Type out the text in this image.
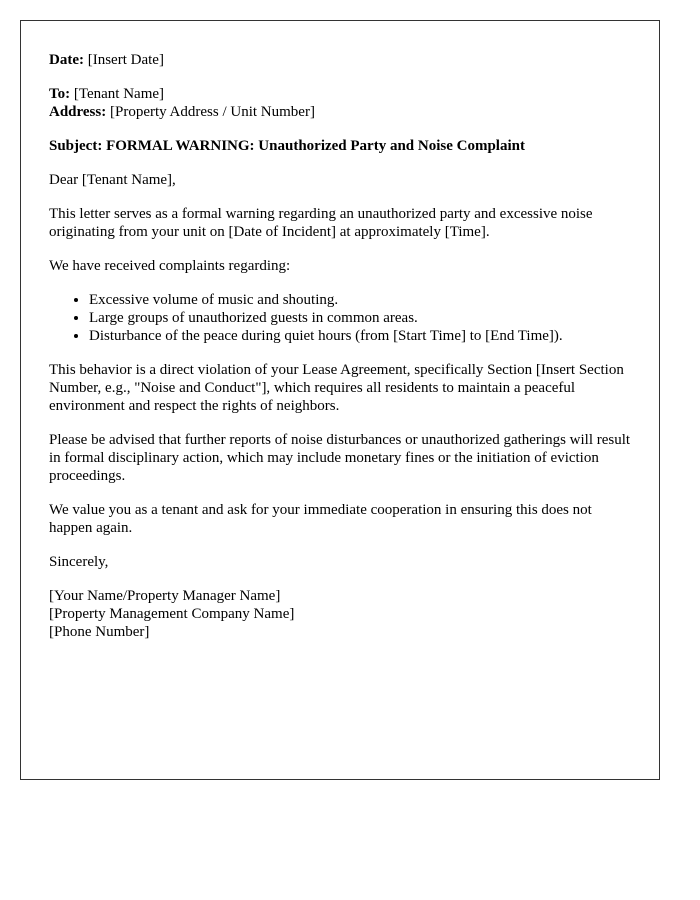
Date: [Insert Date]

To: [Tenant Name]

Address: [Property Address / Unit Number]

Subject: FORMAL WARNING: Unauthorized Party and Noise Complaint

Dear [Tenant Name],

This letter serves as a formal warning regarding an unauthorized party and excessive noise originating from your unit on [Date of Incident] at approximately [Time].

We have received complaints regarding:

• Excessive volume of music and shouting.
• Large groups of unauthorized guests in common areas.
• Disturbance of the peace during quiet hours (from [Start Time] to [End Time]).

This behavior is a direct violation of your Lease Agreement, specifically Section [Insert Section Number, e.g., "Noise and Conduct"], which requires all residents to maintain a peaceful environment and respect the rights of neighbors.

Please be advised that further reports of noise disturbances or unauthorized gatherings will result in formal disciplinary action, which may include monetary fines or the initiation of eviction proceedings.

We value you as a tenant and ask for your immediate cooperation in ensuring this does not happen again.

Sincerely,

[Your Name/Property Manager Name]

[Property Management Company Name]

[Phone Number]
